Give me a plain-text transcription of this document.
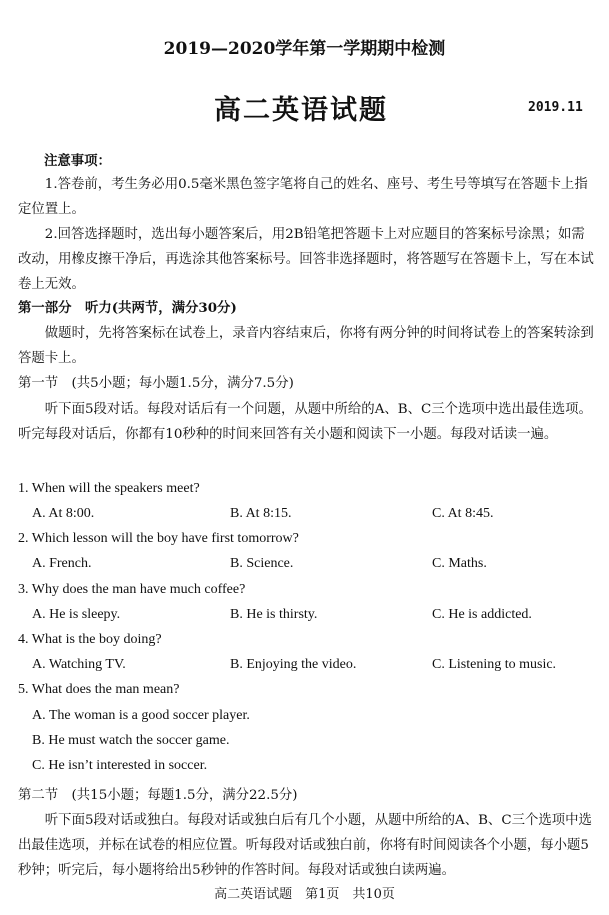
2019—2020学年第一学期期中检测
高二英语试题	2019.11
注意事项：
1.答卷前，考生务必用0.5毫米黑色签字笔将自己的姓名、座号、考生号等填写在答题卡上指定位置上。
2.回答选择题时，选出每小题答案后，用2B铅笔把答题卡上对应题目的答案标号涂黑；如需改动，用橡皮擦干净后，再选涂其他答案标号。回答非选择题时，将答题写在答题卡上，写在本试卷上无效。
第一部分　听力(共两节，满分30分)
做题时，先将答案标在试卷上，录音内容结束后，你将有两分钟的时间将试卷上的答案转涂到答题卡上。
第一节　(共5小题；每小题1.5分，满分7.5分)
听下面5段对话。每段对话后有一个问题，从题中所给的A、B、C三个选项中选出最佳选项。听完每段对话后，你都有10秒种的时间来回答有关小题和阅读下一小题。每段对话读一遍。
1. When will the speakers meet?
A. At 8:00.	B. At 8:15.	C. At 8:45.
2. Which lesson will the boy have first tomorrow?
A. French.	B. Science.	C. Maths.
3. Why does the man have much coffee?
A. He is sleepy.	B. He is thirsty.	C. He is addicted.
4. What is the boy doing?
A. Watching TV.	B. Enjoying the video.	C. Listening to music.
5. What does the man mean?
A. The woman is a good soccer player.
B. He must watch the soccer game.
C. He isn’t interested in soccer.
第二节　(共15小题；每题1.5分，满分22.5分)
听下面5段对话或独白。每段对话或独白后有几个小题，从题中所给的A、B、C三个选项中选出最佳选项，并标在试卷的相应位置。听每段对话或独白前，你将有时间阅读各个小题，每小题5秒钟；听完后，每小题将给出5秒钟的作答时间。每段对话或独白读两遍。
高二英语试题　第1页　共10页
